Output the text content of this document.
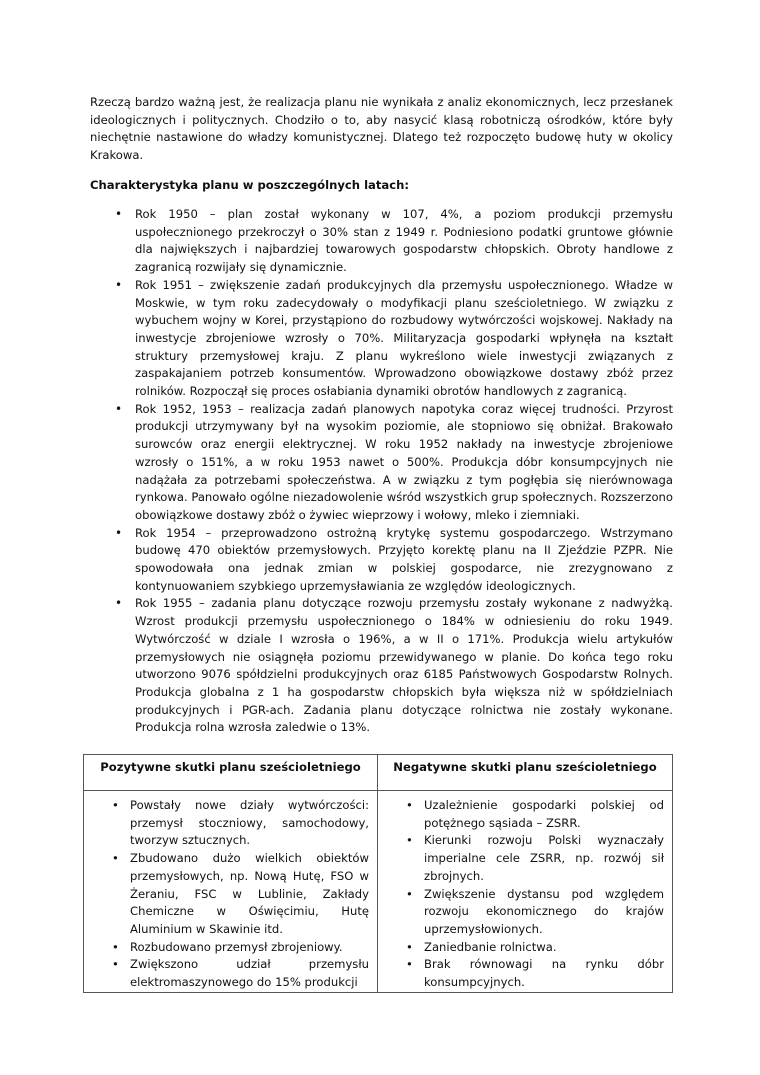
Rzeczą bardzo ważną jest, że realizacja planu nie wynikała z analiz ekonomicznych, lecz przesłanek ideologicznych i politycznych. Chodziło o to, aby nasycić klasą robotniczą ośrodków, które były niechętnie nastawione do władzy komunistycznej. Dlatego też rozpoczęto budowę huty w okolicy Krakowa.

Charakterystyka planu w poszczególnych latach:

• Rok 1950 – plan został wykonany w 107, 4%, a poziom produkcji przemysłu uspołecznionego przekroczył o 30% stan z 1949 r. Podniesiono podatki gruntowe głównie dla największych i najbardziej towarowych gospodarstw chłopskich. Obroty handlowe z zagranicą rozwijały się dynamicznie.
• Rok 1951 – zwiększenie zadań produkcyjnych dla przemysłu uspołecznionego. Władze w Moskwie, w tym roku zadecydowały o modyfikacji planu sześcioletniego. W związku z wybuchem wojny w Korei, przystąpiono do rozbudowy wytwórczości wojskowej. Nakłady na inwestycje zbrojeniowe wzrosły o 70%. Militaryzacja gospodarki wpłynęła na kształt struktury przemysłowej kraju. Z planu wykreślono wiele inwestycji związanych z zaspakajaniem potrzeb konsumentów. Wprowadzono obowiązkowe dostawy zbóż przez rolników. Rozpoczął się proces osłabiania dynamiki obrotów handlowych z zagranicą.
• Rok 1952, 1953 – realizacja zadań planowych napotyka coraz więcej trudności. Przyrost produkcji utrzymywany był na wysokim poziomie, ale stopniowo się obniżał. Brakowało surowców oraz energii elektrycznej. W roku 1952 nakłady na inwestycje zbrojeniowe wzrosły o 151%, a w roku 1953 nawet o 500%. Produkcja dóbr konsumpcyjnych nie nadążała za potrzebami społeczeństwa. A w związku z tym pogłębia się nierównowaga rynkowa. Panowało ogólne niezadowolenie wśród wszystkich grup społecznych. Rozszerzono obowiązkowe dostawy zbóż o żywiec wieprzowy i wołowy, mleko i ziemniaki.
• Rok 1954 – przeprowadzono ostrożną krytykę systemu gospodarczego. Wstrzymano budowę 470 obiektów przemysłowych. Przyjęto korektę planu na II Zjeździe PZPR. Nie spowodowała ona jednak zmian w polskiej gospodarce, nie zrezygnowano z kontynuowaniem szybkiego uprzemysławiania ze względów ideologicznych.
• Rok 1955 – zadania planu dotyczące rozwoju przemysłu zostały wykonane z nadwyżką. Wzrost produkcji przemysłu uspołecznionego o 184% w odniesieniu do roku 1949. Wytwórczość w dziale I wzrosła o 196%, a w II o 171%. Produkcja wielu artykułów przemysłowych nie osiągnęła poziomu przewidywanego w planie. Do końca tego roku utworzono 9076 spółdzielni produkcyjnych oraz 6185 Państwowych Gospodarstw Rolnych. Produkcja globalna z 1 ha gospodarstw chłopskich była większa niż w spółdzielniach produkcyjnych i PGR-ach. Zadania planu dotyczące rolnictwa nie zostały wykonane. Produkcja rolna wzrosła zaledwie o 13%.
Pozytywne skutki planu sześcioletniego	Negatywne skutki planu sześcioletniego

• Powstały nowe działy wytwórczości: przemysł stoczniowy, samochodowy, tworzyw sztucznych.
• Zbudowano dużo wielkich obiektów przemysłowych, np. Nową Hutę, FSO w Żeraniu, FSC w Lublinie, Zakłady Chemiczne w Oświęcimiu, Hutę Aluminium w Skawinie itd.
• Rozbudowano przemysł zbrojeniowy.
• Zwiększono udział przemysłu elektromaszynowego do 15% produkcji

• Uzależnienie gospodarki polskiej od potężnego sąsiada – ZSRR.
• Kierunki rozwoju Polski wyznaczały imperialne cele ZSRR, np. rozwój sił zbrojnych.
• Zwiększenie dystansu pod względem rozwoju ekonomicznego do krajów uprzemysłowionych.
• Zaniedbanie rolnictwa.
• Brak równowagi na rynku dóbr konsumpcyjnych.
